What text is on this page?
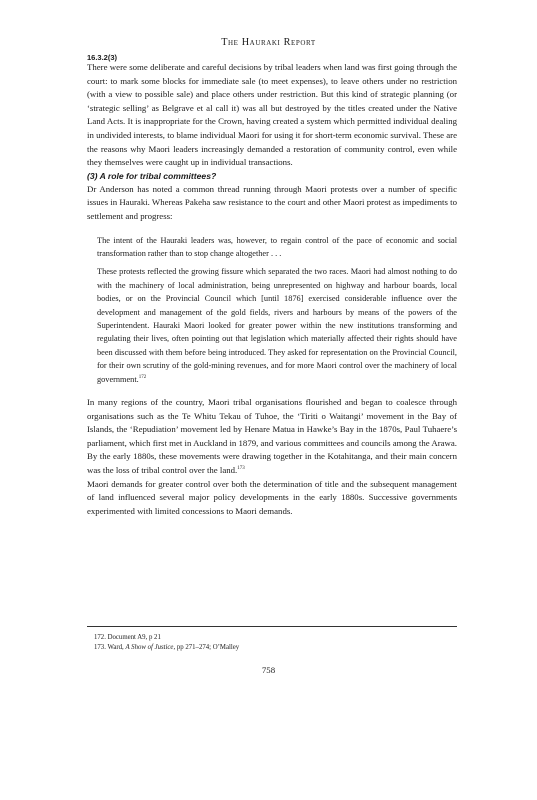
The Hauraki Report

There were some deliberate and careful decisions by tribal leaders when land was first going through the court: to mark some blocks for immediate sale (to meet expenses), to leave others under no restriction (with a view to possible sale) and place others under restriction. But this kind of strategic planning (or ‘strategic selling’ as Belgrave et al call it) was all but destroyed by the titles created under the Native Land Acts. It is inappropriate for the Crown, having created a system which permitted individual dealing in undivided interests, to blame individual Maori for using it for short-term economic survival. These are the reasons why Maori leaders increasingly demanded a restoration of community control, even while they themselves were caught up in individual transactions.

(3) A role for tribal committees?

Dr Anderson has noted a common thread running through Maori protests over a number of specific issues in Hauraki. Whereas Pakeha saw resistance to the court and other Maori protest as impediments to settlement and progress:

The intent of the Hauraki leaders was, however, to regain control of the pace of economic and social transformation rather than to stop change altogether . . .

These protests reflected the growing fissure which separated the two races. Maori had almost nothing to do with the machinery of local administration, being unrepresented on highway and harbour boards, local bodies, or on the Provincial Council which [until 1876] exercised considerable influence over the development and management of the gold fields, rivers and harbours by means of the powers of the Superintendent. Hauraki Maori looked for greater power within the new institutions transforming and regulating their lives, often pointing out that legislation which materially affected their rights should have been discussed with them before being introduced. They asked for representation on the Provincial Council, for their own scrutiny of the gold-mining revenues, and for more Maori control over the machinery of local government.$^{172}$

In many regions of the country, Maori tribal organisations flourished and began to coalesce through organisations such as the Te Whitu Tekau of Tuhoe, the ‘Tiriti o Waitangi’ movement in the Bay of Islands, the ‘Repudiation’ movement led by Henare Matua in Hawke’s Bay in the 1870s, Paul Tuhaere’s parliament, which first met in Auckland in 1879, and various committees and councils among the Arawa. By the early 1880s, these movements were drawing together in the Kotahitanga, and their main concern was the loss of tribal control over the land.$^{173}$

Maori demands for greater control over both the determination of title and the subsequent management of land influenced several major policy developments in the early 1880s. Successive governments experimented with limited concessions to Maori demands.

16.3.2(3)

172. Document A9, p 21

173. Ward, A Show of Justice, pp 271–274; O’Malley

758
